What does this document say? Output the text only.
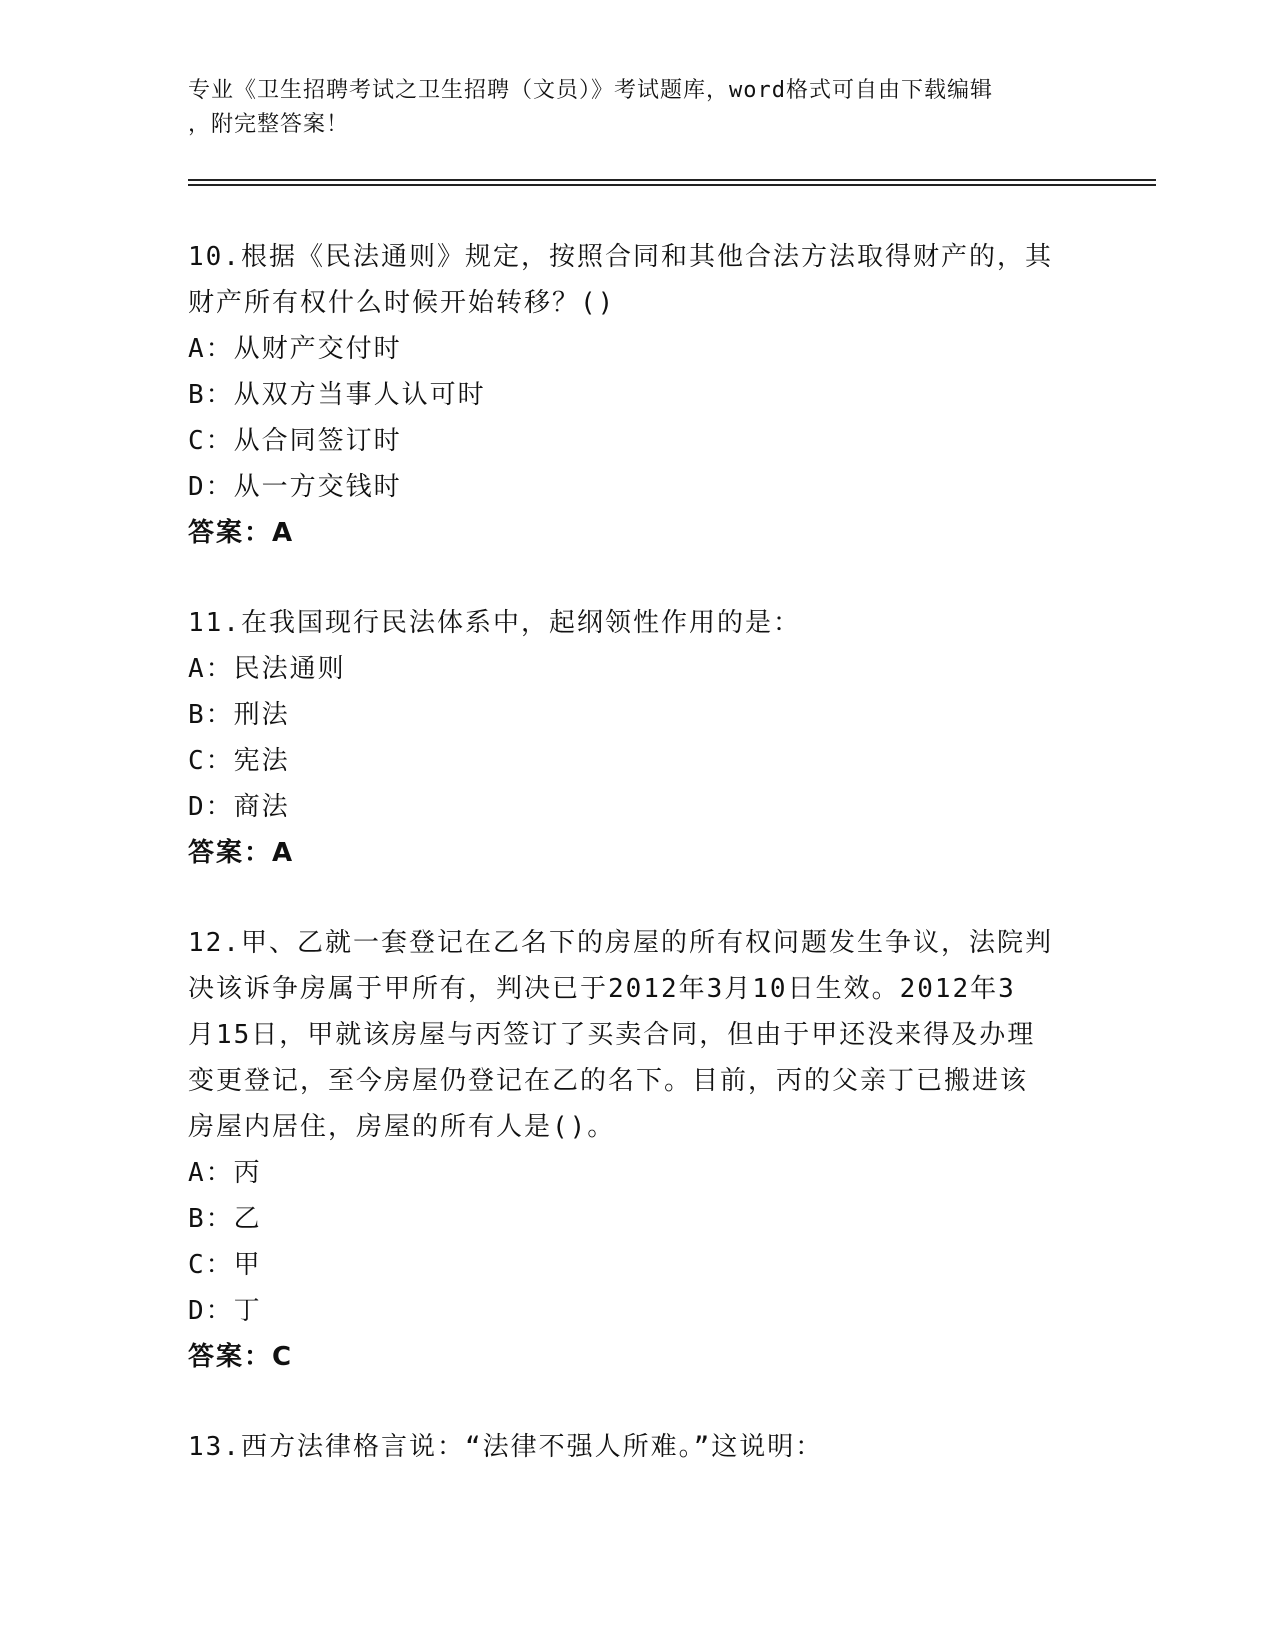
专业《卫生招聘考试之卫生招聘（文员）》考试题库，word格式可自由下载编辑
，附完整答案！

10.根据《民法通则》规定，按照合同和其他合法方法取得财产的，其

财产所有权什么时候开始转移？()

A：从财产交付时

B：从双方当事人认可时

C：从合同签订时

D：从一方交钱时

答案：A

11.在我国现行民法体系中，起纲领性作用的是：

A：民法通则

B：刑法

C：宪法

D：商法

答案：A

12.甲、乙就一套登记在乙名下的房屋的所有权问题发生争议，法院判

决该诉争房属于甲所有，判决已于2012年3月10日生效。2012年3

月15日，甲就该房屋与丙签订了买卖合同，但由于甲还没来得及办理

变更登记，至今房屋仍登记在乙的名下。目前，丙的父亲丁已搬进该

房屋内居住，房屋的所有人是()。

A：丙

B：乙

C：甲

D：丁

答案：C

13.西方法律格言说：“法律不强人所难。”这说明：
